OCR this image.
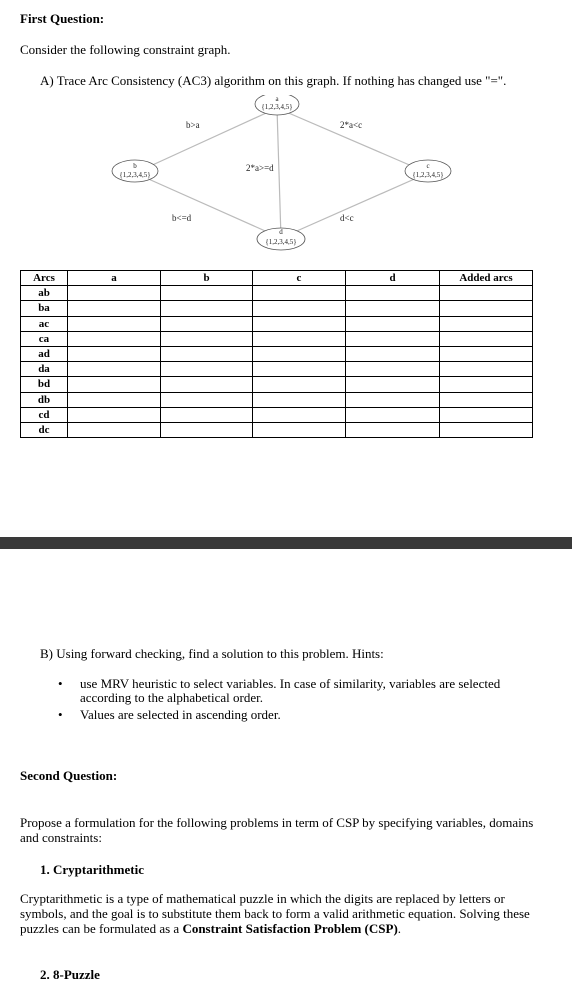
First Question:
Consider the following constraint graph.
A) Trace Arc Consistency (AC3) algorithm on this graph. If nothing has changed use "=".
a
{1,2,3,4,5}
b
{1,2,3,4,5}
c
{1,2,3,4,5}
d
{1,2,3,4,5}
b>a	2*a<c
2*a>=d
b<=d	d<c
Arcs	a	b	c	d	Added arcs
ab					
ba					
ac					
ca					
ad					
da					
bd					
db					
cd					
dc					
B) Using forward checking, find a solution to this problem. Hints:
• use MRV heuristic to select variables. In case of similarity, variables are selected according to the alphabetical order.
• Values are selected in ascending order.
Second Question:
Propose a formulation for the following problems in term of CSP by specifying variables, domains and constraints:
1. Cryptarithmetic
Cryptarithmetic is a type of mathematical puzzle in which the digits are replaced by letters or symbols, and the goal is to substitute them back to form a valid arithmetic equation. Solving these puzzles can be formulated as a Constraint Satisfaction Problem (CSP).
2. 8-Puzzle
